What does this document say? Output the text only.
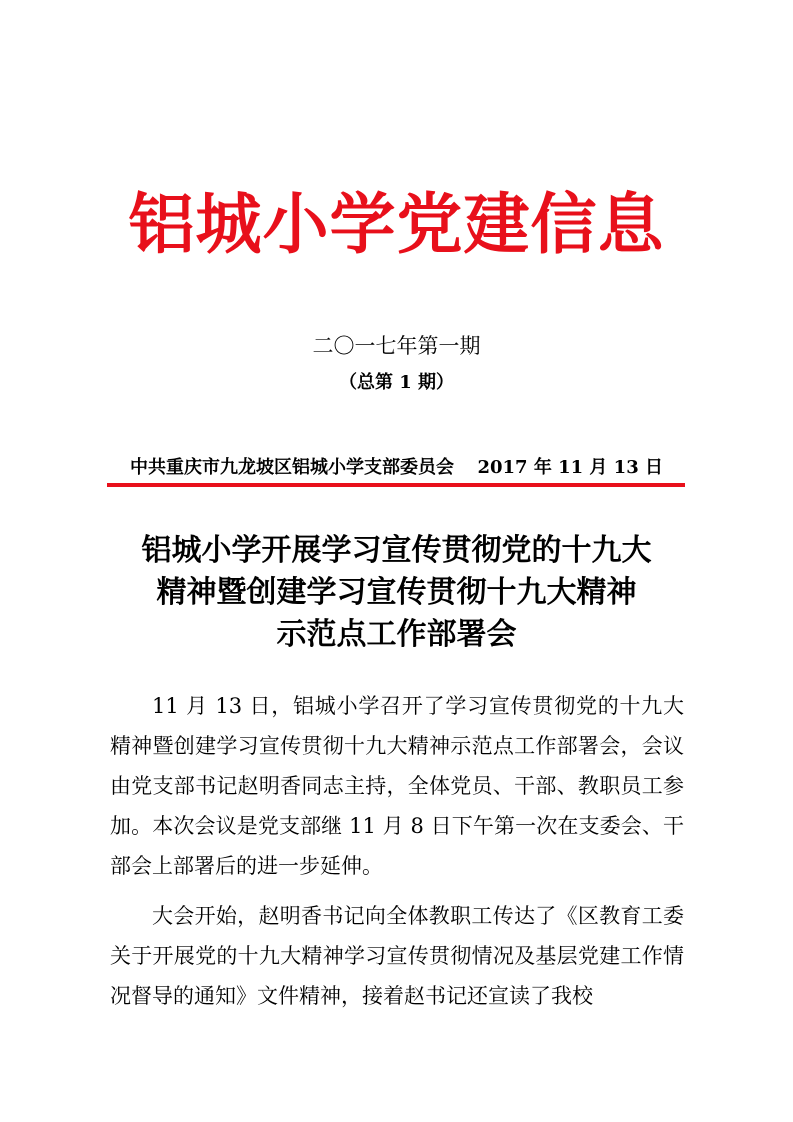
铝城小学党建信息
二〇一七年第一期
（总第 1 期）
中共重庆市九龙坡区铝城小学支部委员会 2017 年 11 月 13 日
铝城小学开展学习宣传贯彻党的十九大
精神暨创建学习宣传贯彻十九大精神
示范点工作部署会

11 月 13 日，铝城小学召开了学习宣传贯彻党的十九大精神暨创建学习宣传贯彻十九大精神示范点工作部署会，会议由党支部书记赵明香同志主持，全体党员、干部、教职员工参加。本次会议是党支部继 11 月 8 日下午第一次在支委会、干部会上部署后的进一步延伸。

大会开始，赵明香书记向全体教职工传达了《区教育工委关于开展党的十九大精神学习宣传贯彻情况及基层党建工作情况督导的通知》文件精神，接着赵书记还宣读了我校
